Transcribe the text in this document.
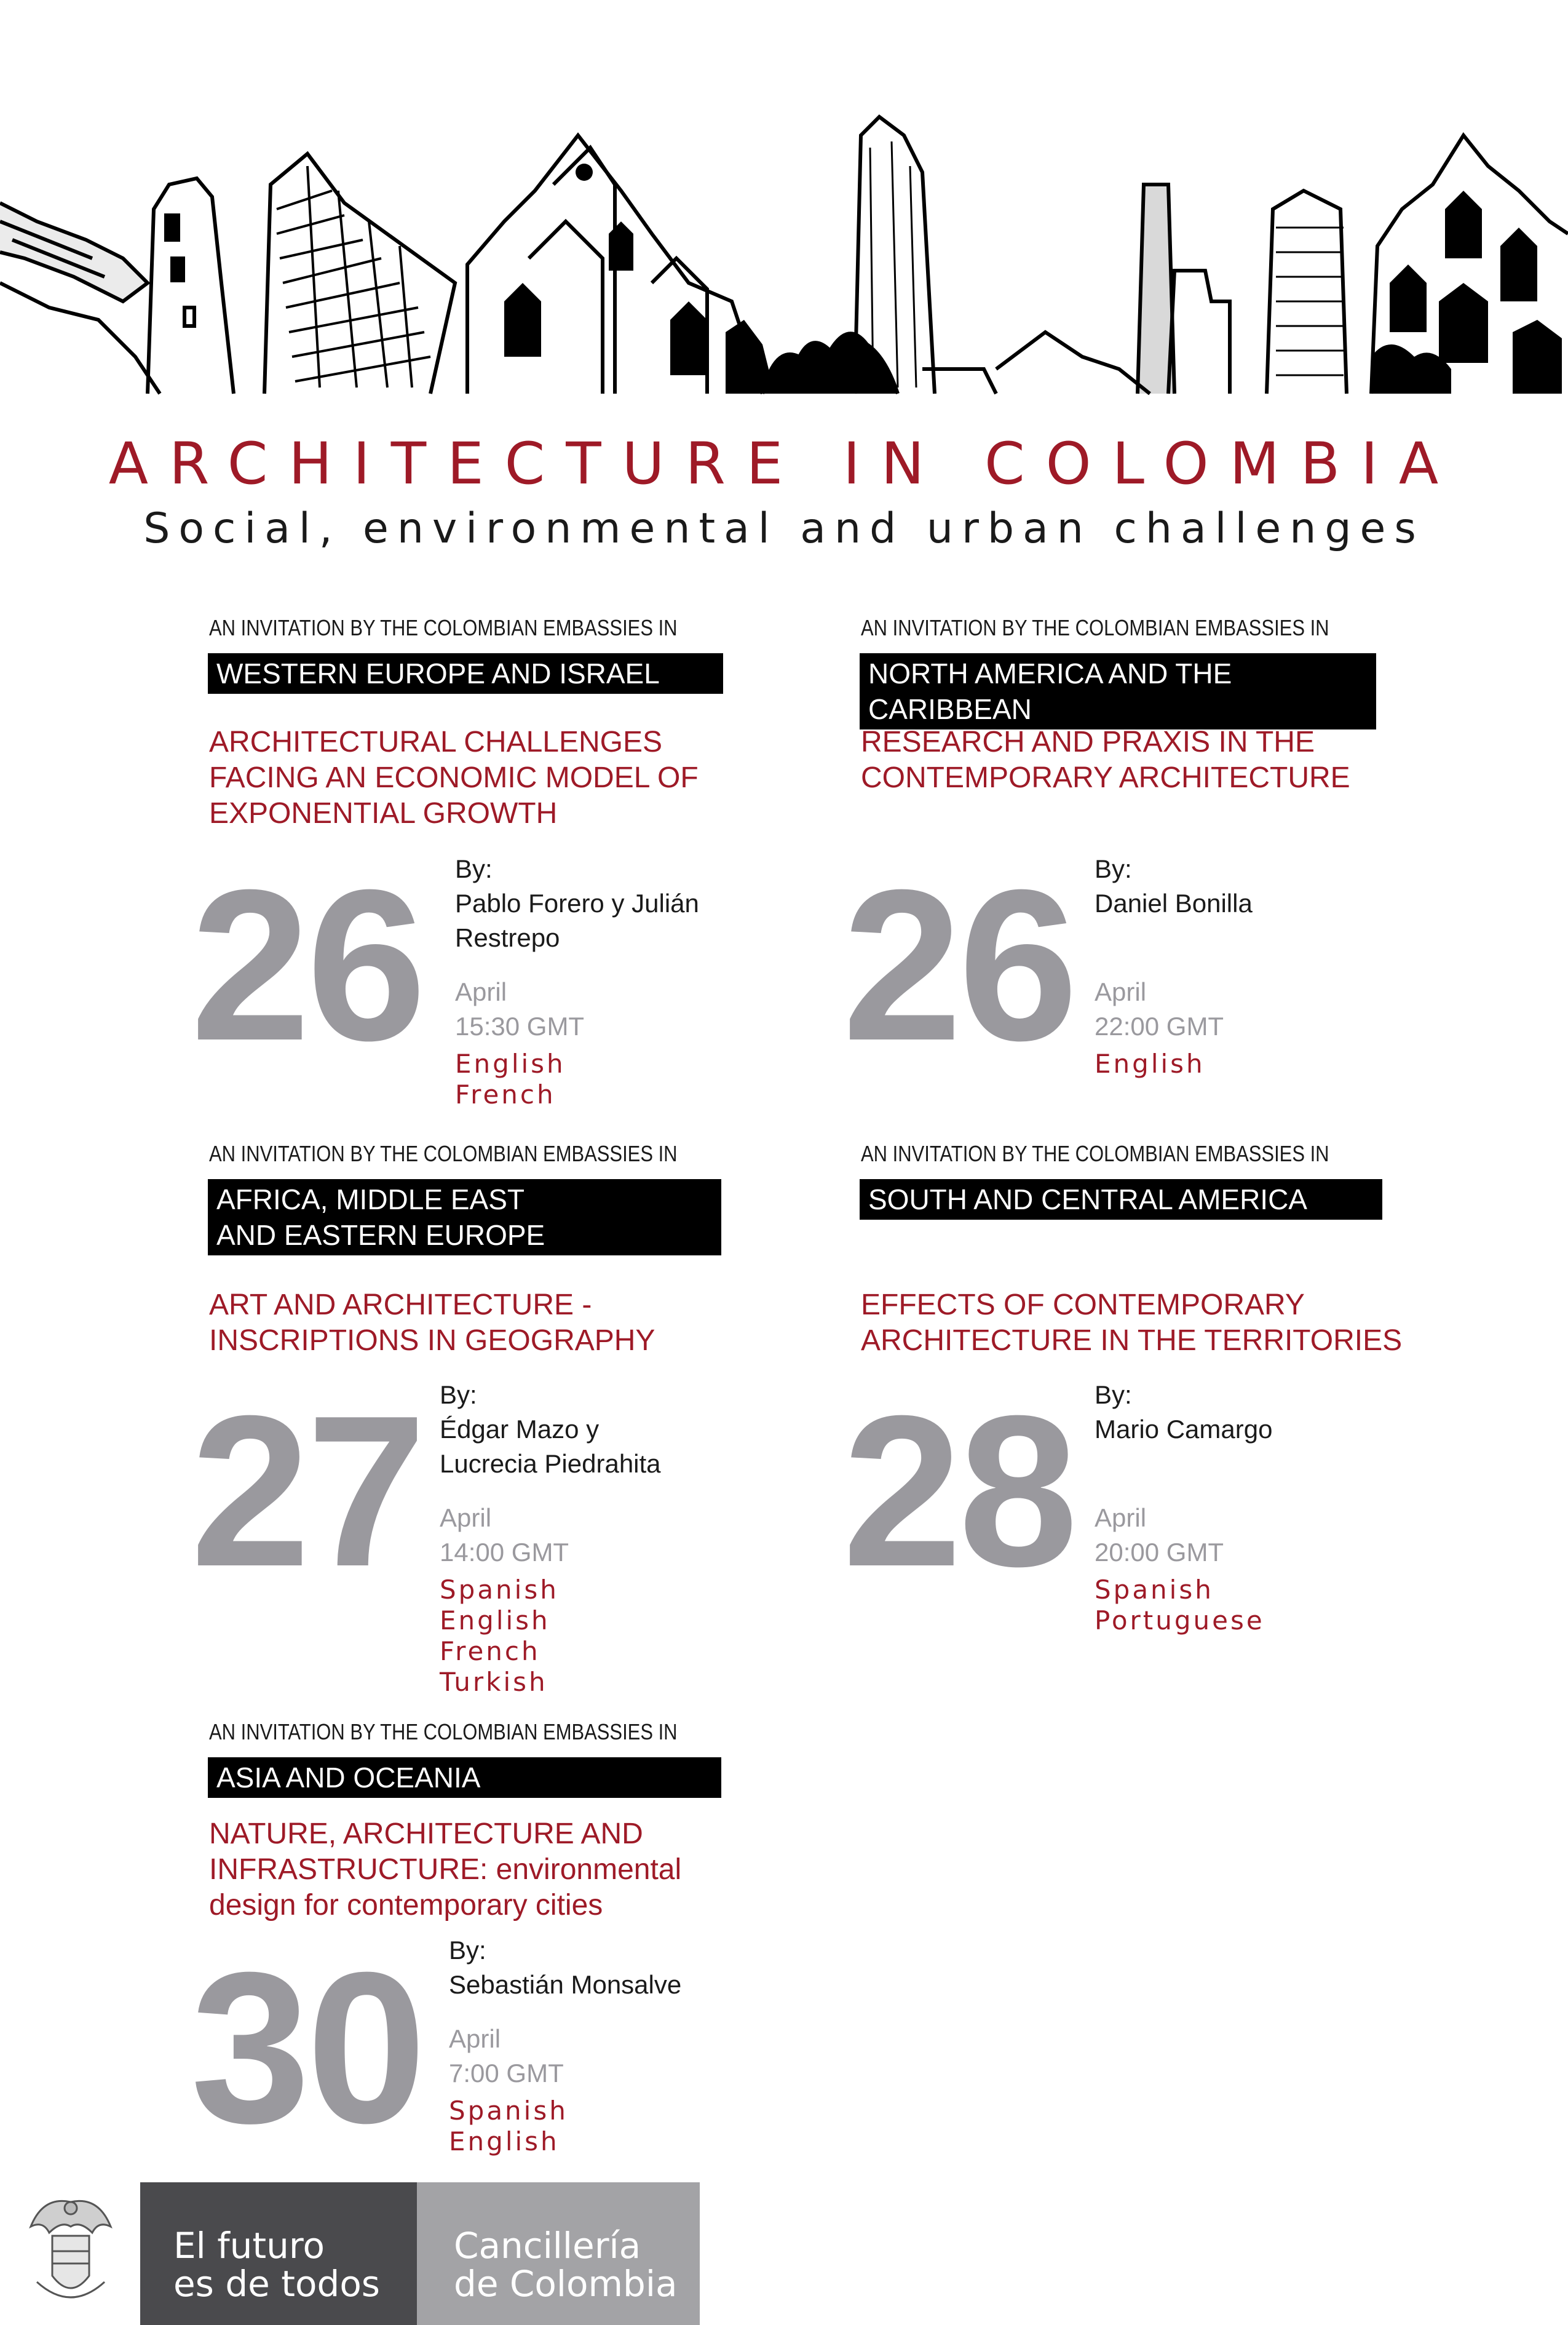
ARCHITECTURE IN COLOMBIA
Social, environmental and urban challenges
AN INVITATION BY THE COLOMBIAN EMBASSIES IN
WESTERN EUROPE AND ISRAEL
ARCHITECTURAL CHALLENGES
FACING AN ECONOMIC MODEL OF
EXPONENTIAL GROWTH
26 By:
Pablo Forero y Julián
Restrepo
April
15:30 GMT
English
French
AN INVITATION BY THE COLOMBIAN EMBASSIES IN
NORTH AMERICA AND THE CARIBBEAN
RESEARCH AND PRAXIS IN THE
CONTEMPORARY ARCHITECTURE
26 By:
Daniel Bonilla
April
22:00 GMT
English
AN INVITATION BY THE COLOMBIAN EMBASSIES IN
AFRICA, MIDDLE EAST
AND EASTERN EUROPE
ART AND ARCHITECTURE -
INSCRIPTIONS IN GEOGRAPHY
27 By:
Édgar Mazo y
Lucrecia Piedrahita
April
14:00 GMT
Spanish
English
French
Turkish
AN INVITATION BY THE COLOMBIAN EMBASSIES IN
SOUTH AND CENTRAL AMERICA
EFFECTS OF CONTEMPORARY
ARCHITECTURE IN THE TERRITORIES
28 By:
Mario Camargo
April
20:00 GMT
Spanish
Portuguese
AN INVITATION BY THE COLOMBIAN EMBASSIES IN
ASIA AND OCEANIA
NATURE, ARCHITECTURE AND
INFRASTRUCTURE: environmental
design for contemporary cities
30 By:
Sebastián Monsalve
April
7:00 GMT
Spanish
English
El futuro
es de todos
Cancillería
de Colombia
